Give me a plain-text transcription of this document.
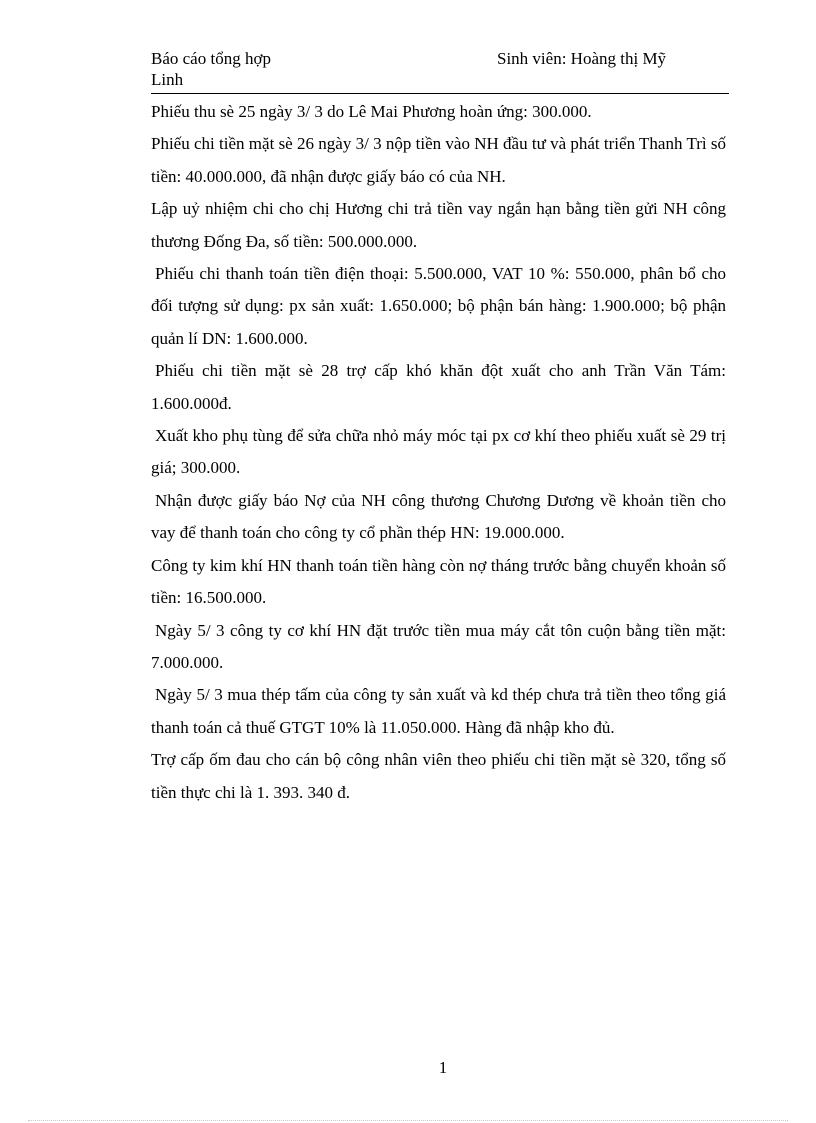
Báo cáo tổng hợp
Linh
Sinh viên: Hoàng thị Mỹ

Phiếu thu sè 25 ngày 3/ 3 do Lê Mai Phương hoàn ứng: 300.000.

Phiếu chi tiền mặt sè 26 ngày 3/ 3 nộp tiền vào NH đầu tư và phát triển Thanh Trì số tiền: 40.000.000, đã nhận được giấy báo có của NH.

Lập uỷ nhiệm chi cho chị Hương chi trả tiền vay ngắn hạn bằng tiền gửi NH công thương Đống Đa, số tiền: 500.000.000.

Phiếu chi thanh toán tiền điện thoại: 5.500.000, VAT 10 %: 550.000, phân bổ cho đối tượng sử dụng: px sản xuất: 1.650.000; bộ phận bán hàng: 1.900.000; bộ phận quản lí DN: 1.600.000.

Phiếu chi tiền mặt sè 28 trợ cấp khó khăn đột xuất cho anh Trần Văn Tám: 1.600.000đ.

Xuất kho phụ tùng để sửa chữa nhỏ máy móc tại px cơ khí theo phiếu xuất sè 29 trị giá; 300.000.

Nhận được giấy báo Nợ của NH công thương Chương Dương về khoản tiền cho vay để thanh toán cho công ty cổ phần thép HN: 19.000.000.

Công ty kim khí HN thanh toán tiền hàng còn nợ tháng trước bằng chuyển khoản số tiền: 16.500.000.

Ngày 5/ 3 công ty cơ khí HN đặt trước tiền mua máy cắt tôn cuộn bằng tiền mặt: 7.000.000.

Ngày 5/ 3 mua thép tấm của công ty sản xuất và kd thép chưa trả tiền theo tổng giá thanh toán cả thuế GTGT 10% là 11.050.000. Hàng đã nhập kho đủ.

Trợ cấp ốm đau cho cán bộ công nhân viên theo phiếu chi tiền mặt sè 320, tổng số tiền thực chi là 1. 393. 340 đ.

1
